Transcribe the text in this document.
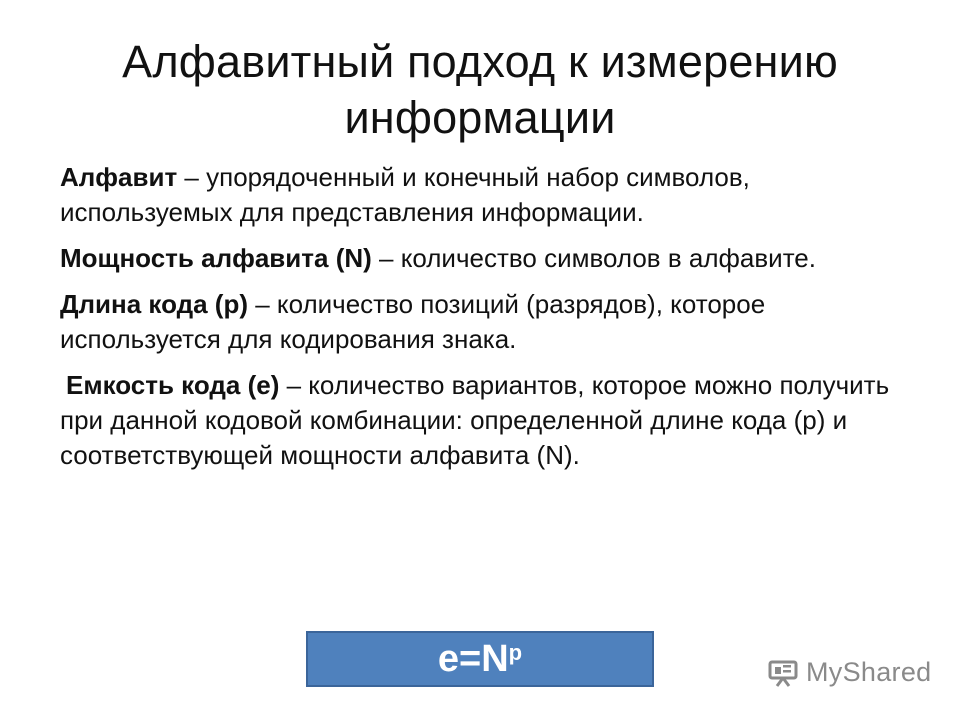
Алфавитный подход к измерению информации

Алфавит – упорядоченный и конечный набор символов, используемых для представления информации.

Мощность алфавита (N) – количество символов в алфавите.

Длина кода (p) – количество позиций (разрядов), которое используется для кодирования знака.

Емкость кода (e) – количество вариантов, которое можно получить при данной кодовой комбинации: определенной длине кода (p) и соответствующей мощности алфавита (N).

$e=N^p$
MyShared
